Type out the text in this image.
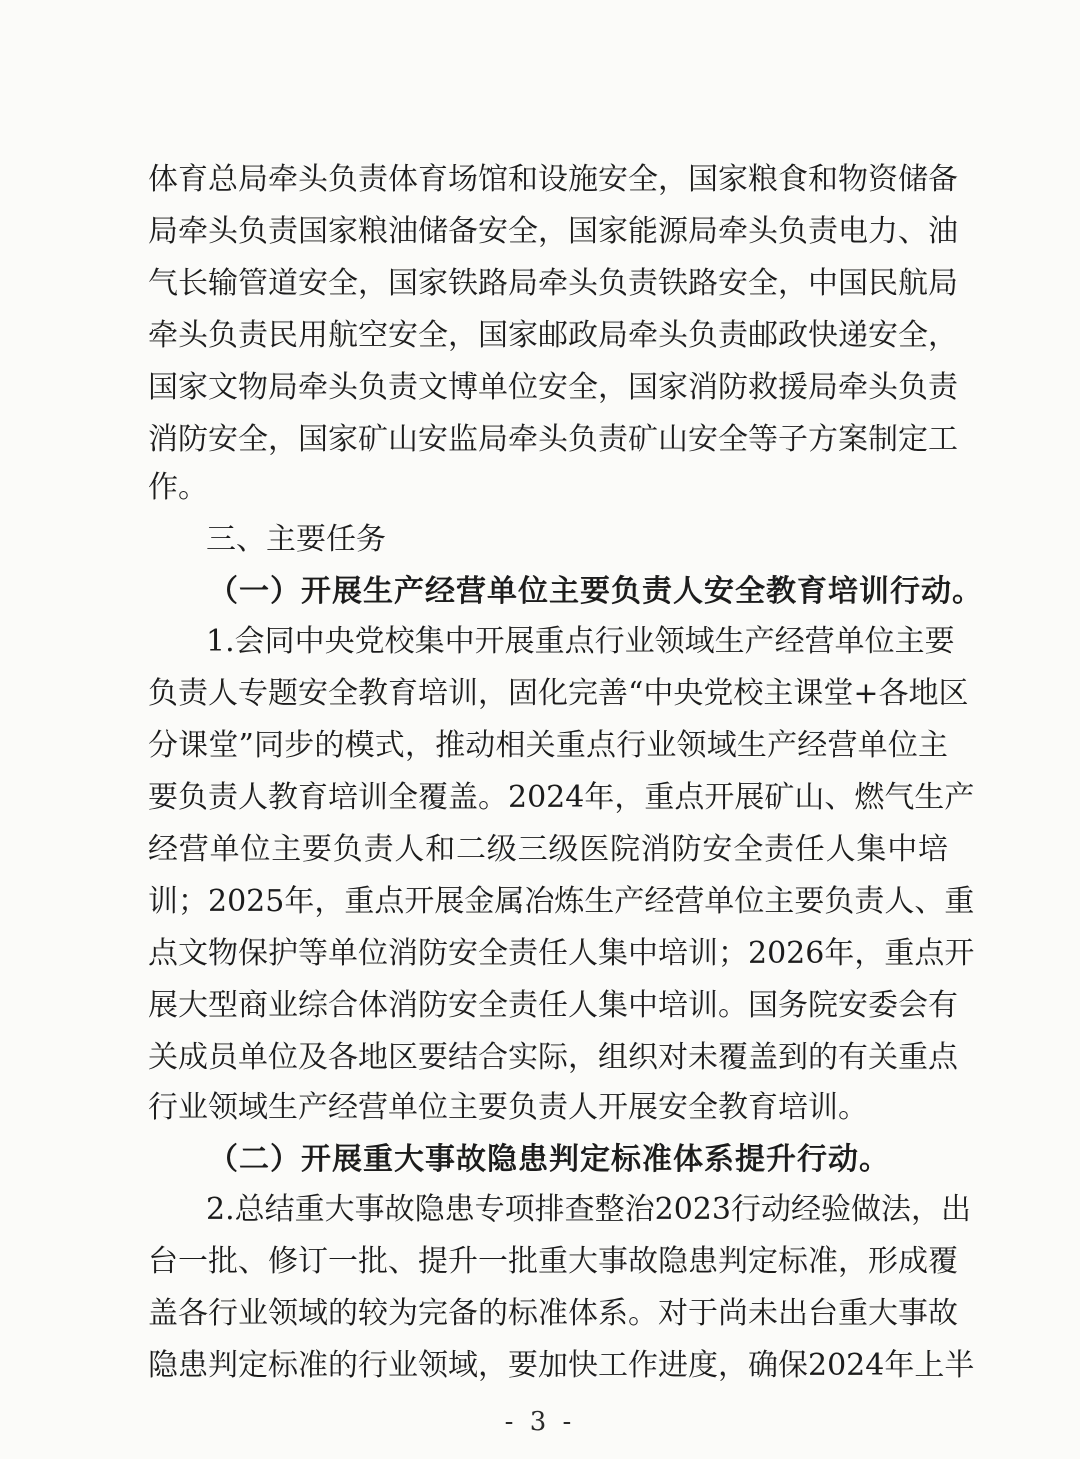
体育总局牵头负责体育场馆和设施安全，国家粮食和物资储备
局牵头负责国家粮油储备安全，国家能源局牵头负责电力、油
气长输管道安全，国家铁路局牵头负责铁路安全，中国民航局
牵头负责民用航空安全，国家邮政局牵头负责邮政快递安全，
国家文物局牵头负责文博单位安全，国家消防救援局牵头负责
消防安全，国家矿山安监局牵头负责矿山安全等子方案制定工
作。
三、主要任务
（一）开展生产经营单位主要负责人安全教育培训行动。
1.会同中央党校集中开展重点行业领域生产经营单位主要
负责人专题安全教育培训，固化完善“中央党校主课堂+各地区
分课堂”同步的模式，推动相关重点行业领域生产经营单位主
要负责人教育培训全覆盖。2024年，重点开展矿山、燃气生产
经营单位主要负责人和二级三级医院消防安全责任人集中培
训；2025年，重点开展金属冶炼生产经营单位主要负责人、重
点文物保护等单位消防安全责任人集中培训；2026年，重点开
展大型商业综合体消防安全责任人集中培训。国务院安委会有
关成员单位及各地区要结合实际，组织对未覆盖到的有关重点
行业领域生产经营单位主要负责人开展安全教育培训。
（二）开展重大事故隐患判定标准体系提升行动。
2.总结重大事故隐患专项排查整治2023行动经验做法，出
台一批、修订一批、提升一批重大事故隐患判定标准，形成覆
盖各行业领域的较为完备的标准体系。对于尚未出台重大事故
隐患判定标准的行业领域，要加快工作进度，确保2024年上半
- 3 -
